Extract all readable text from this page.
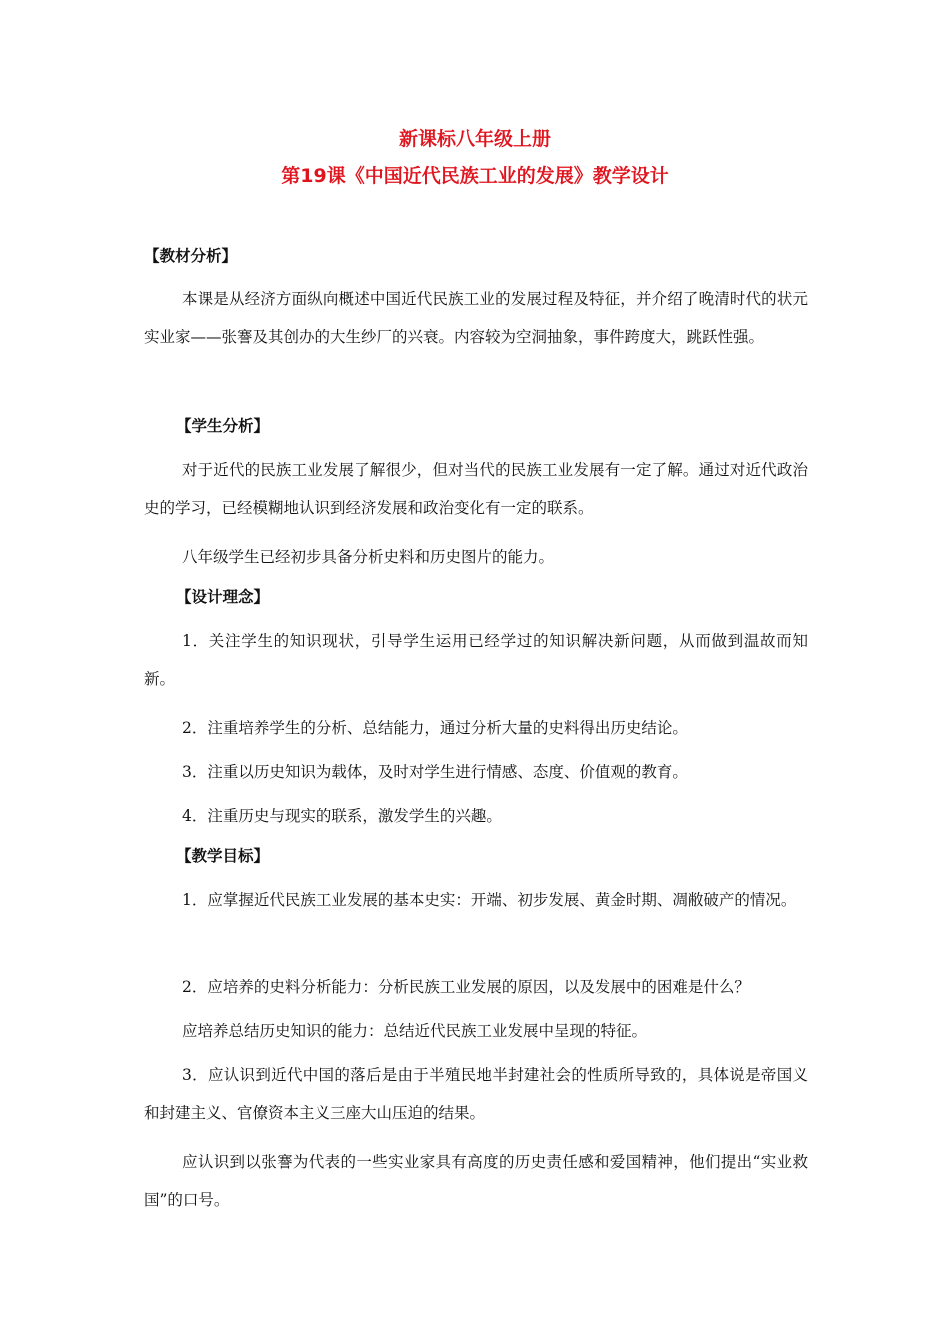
新课标八年级上册
第19课《中国近代民族工业的发展》教学设计
【教材分析】

本课是从经济方面纵向概述中国近代民族工业的发展过程及特征，并介绍了晚清时代的状元实业家——张謇及其创办的大生纱厂的兴衰。内容较为空洞抽象，事件跨度大，跳跃性强。

【学生分析】

对于近代的民族工业发展了解很少，但对当代的民族工业发展有一定了解。通过对近代政治史的学习，已经模糊地认识到经济发展和政治变化有一定的联系。

八年级学生已经初步具备分析史料和历史图片的能力。

【设计理念】

1．关注学生的知识现状，引导学生运用已经学过的知识解决新问题，从而做到温故而知新。

2．注重培养学生的分析、总结能力，通过分析大量的史料得出历史结论。

3．注重以历史知识为载体，及时对学生进行情感、态度、价值观的教育。

4．注重历史与现实的联系，激发学生的兴趣。

【教学目标】

1．应掌握近代民族工业发展的基本史实：开端、初步发展、黄金时期、凋敝破产的情况。

2．应培养的史料分析能力：分析民族工业发展的原因，以及发展中的困难是什么？

应培养总结历史知识的能力：总结近代民族工业发展中呈现的特征。

3．应认识到近代中国的落后是由于半殖民地半封建社会的性质所导致的，具体说是帝国义和封建主义、官僚资本主义三座大山压迫的结果。

应认识到以张謇为代表的一些实业家具有高度的历史责任感和爱国精神，他们提出“实业救国”的口号。
